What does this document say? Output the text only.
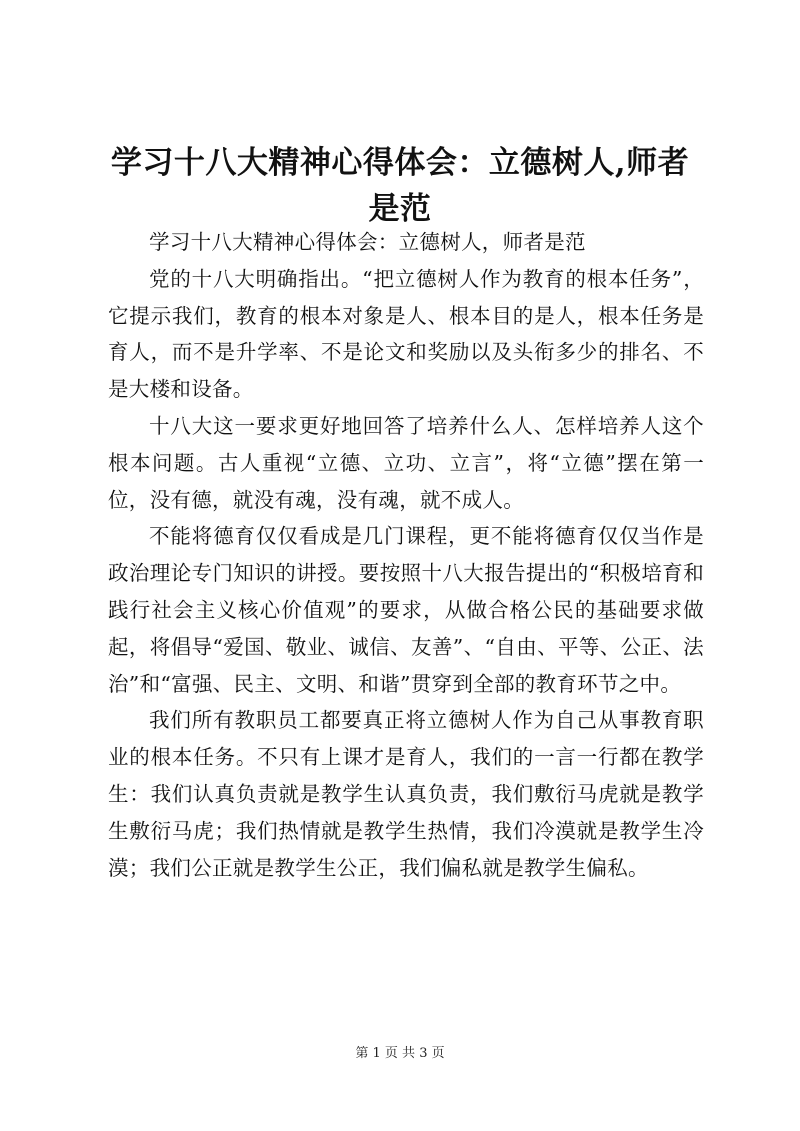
学习十八大精神心得体会：立德树人,师者是范

学习十八大精神心得体会：立德树人，师者是范

党的十八大明确指出。“把立德树人作为教育的根本任务”，它提示我们，教育的根本对象是人、根本目的是人，根本任务是育人，而不是升学率、不是论文和奖励以及头衔多少的排名、不是大楼和设备。

十八大这一要求更好地回答了培养什么人、怎样培养人这个根本问题。古人重视“立德、立功、立言”，将“立德”摆在第一位，没有德，就没有魂，没有魂，就不成人。

不能将德育仅仅看成是几门课程，更不能将德育仅仅当作是政治理论专门知识的讲授。要按照十八大报告提出的“积极培育和践行社会主义核心价值观”的要求，从做合格公民的基础要求做起，将倡导“爱国、敬业、诚信、友善”、“自由、平等、公正、法治”和“富强、民主、文明、和谐”贯穿到全部的教育环节之中。

我们所有教职员工都要真正将立德树人作为自己从事教育职业的根本任务。不只有上课才是育人，我们的一言一行都在教学生：我们认真负责就是教学生认真负责，我们敷衍马虎就是教学生敷衍马虎；我们热情就是教学生热情，我们冷漠就是教学生冷漠；我们公正就是教学生公正，我们偏私就是教学生偏私。

第 1 页 共 3 页
